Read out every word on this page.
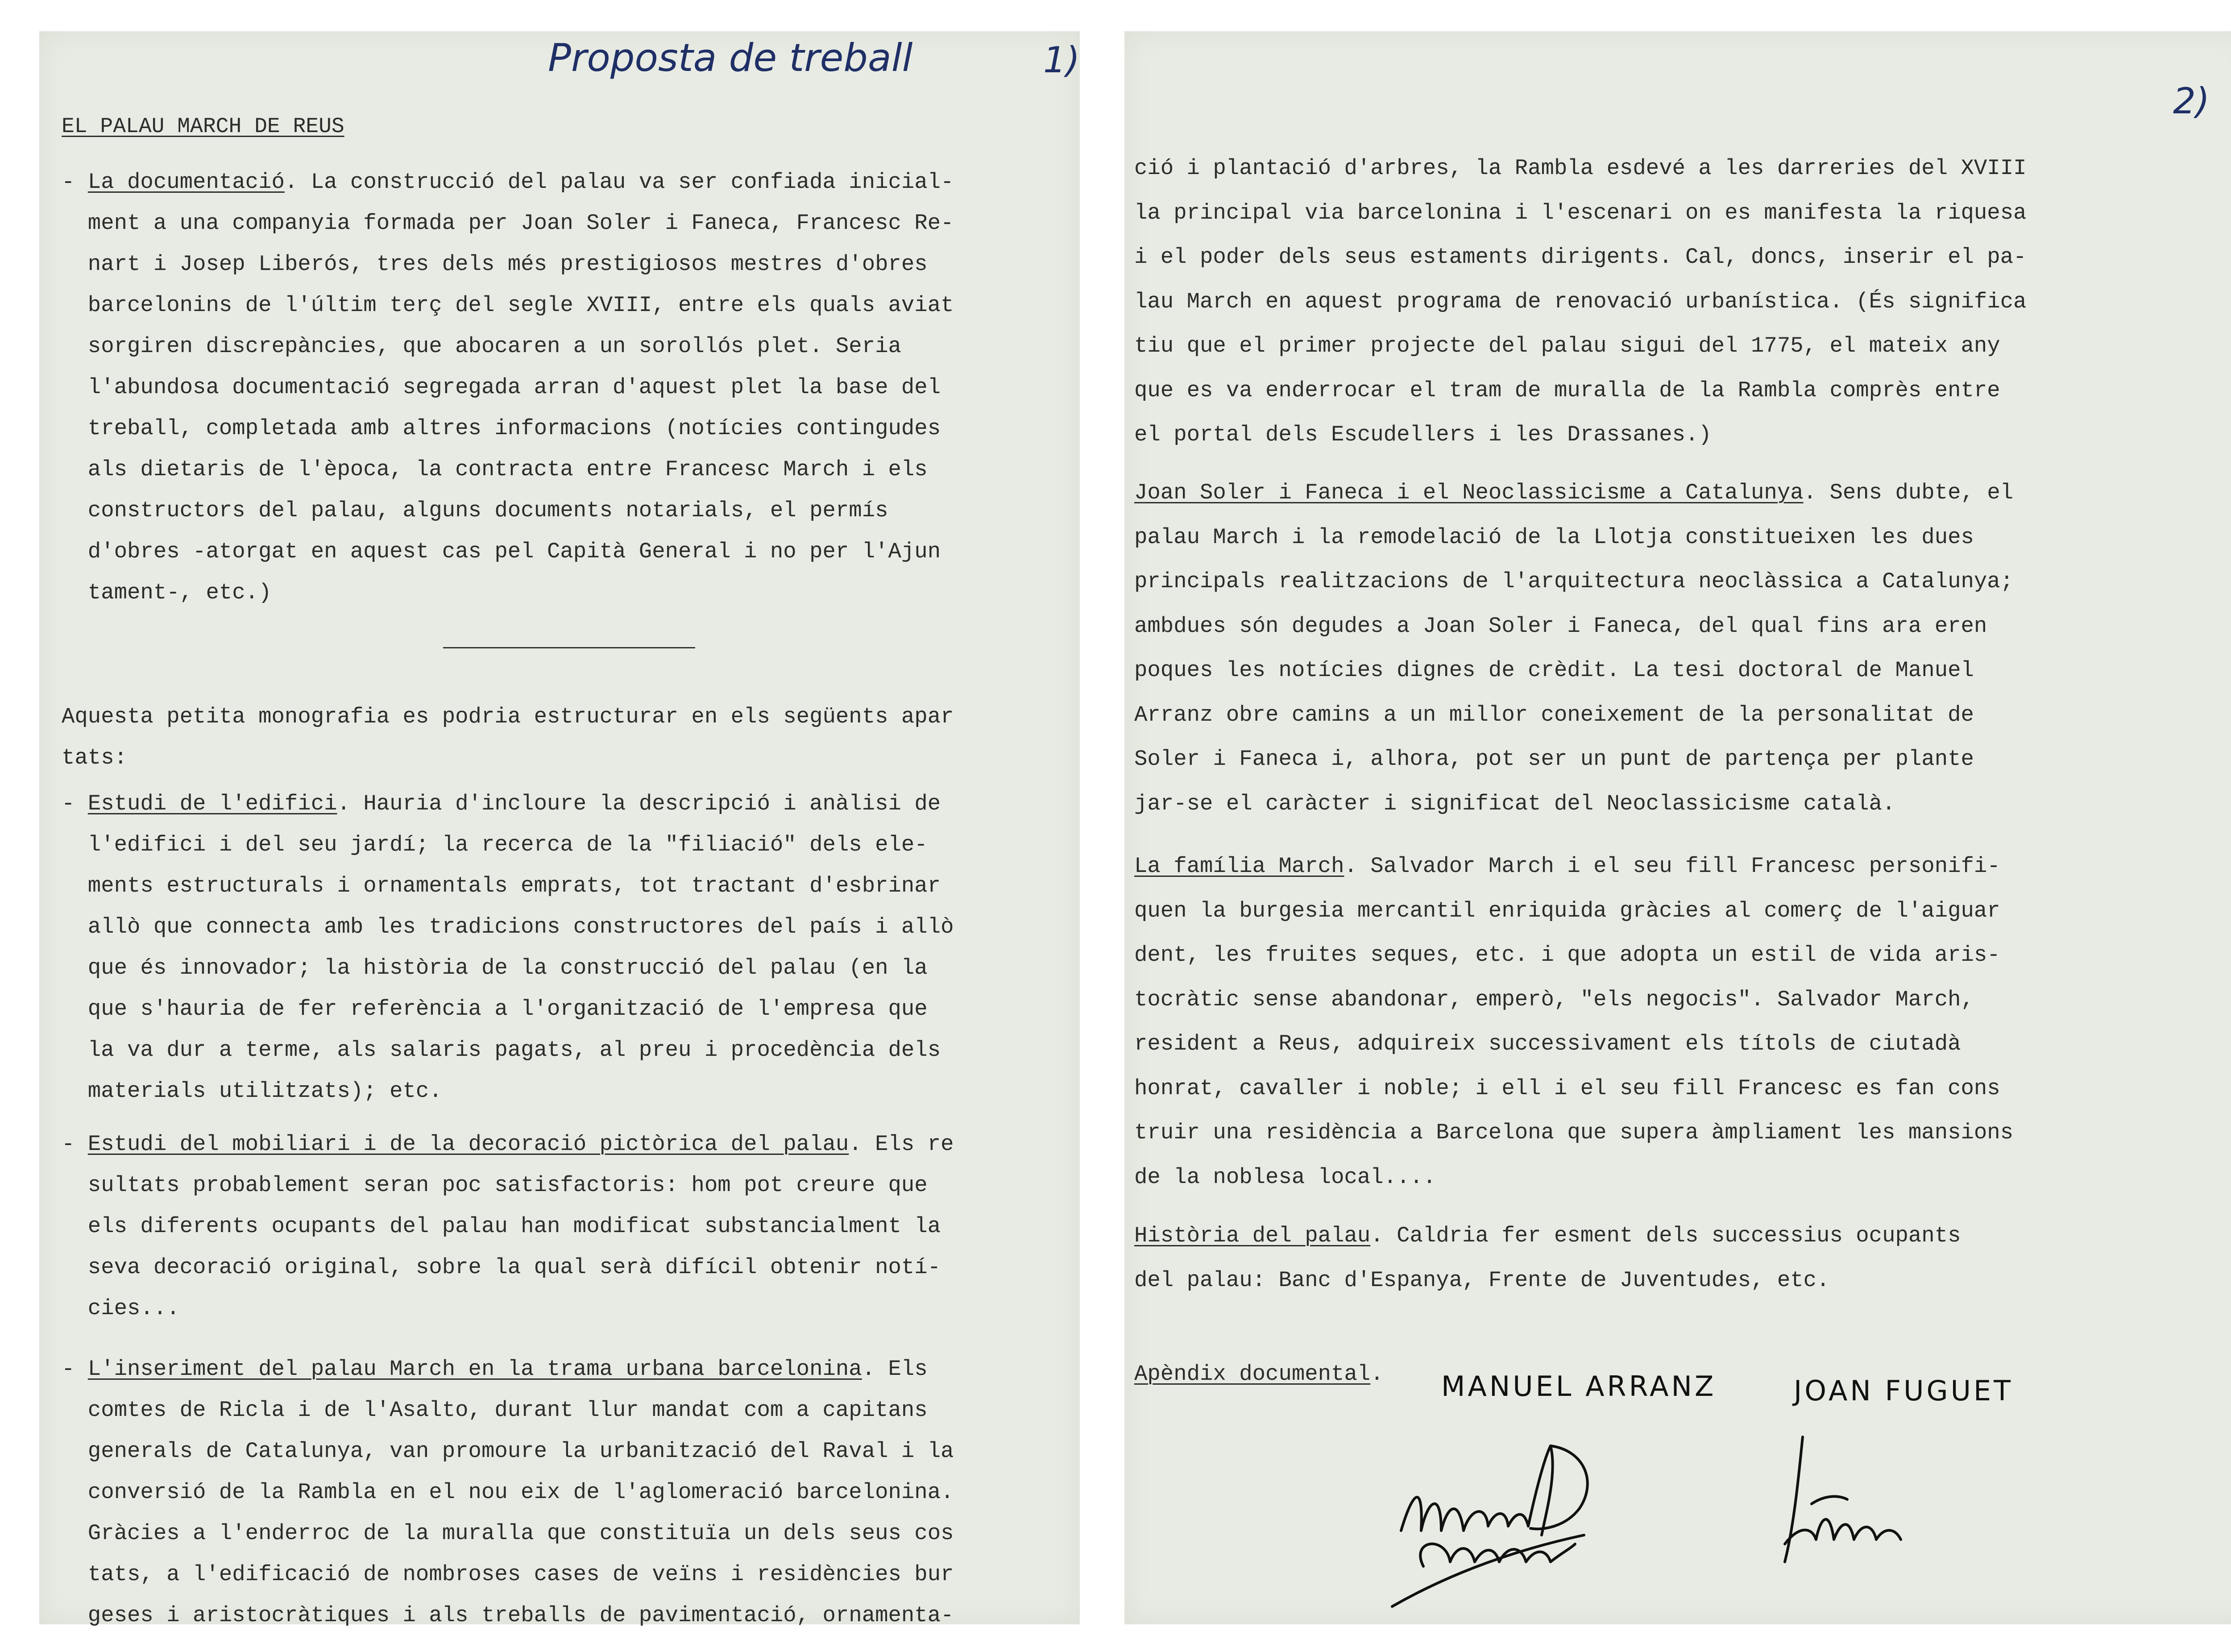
Proposta de treball	1)

EL PALAU MARCH DE REUS

- La documentació. La construcció del palau va ser confiada inicial-
ment a una companyia formada per Joan Soler i Faneca, Francesc Re-
nart i Josep Liberós, tres dels més prestigiosos mestres d'obres
barcelonins de l'últim terç del segle XVIII, entre els quals aviat
sorgiren discrepàncies, que abocaren a un sorollós plet. Seria
l'abundosa documentació segregada arran d'aquest plet la base del
treball, completada amb altres informacions (notícies contingudes
als dietaris de l'època, la contracta entre Francesc March i els
constructors del palau, alguns documents notarials, el permís
d'obres -atorgat en aquest cas pel Capità General i no per l'Ajun
tament-, etc.)

Aquesta petita monografia es podria estructurar en els següents apar
tats:

- Estudi de l'edifici. Hauria d'incloure la descripció i anàlisi de
l'edifici i del seu jardí; la recerca de la "filiació" dels ele-
ments estructurals i ornamentals emprats, tot tractant d'esbrinar
allò que connecta amb les tradicions constructores del país i allò
que és innovador; la història de la construcció del palau (en la
que s'hauria de fer referència a l'organització de l'empresa que
la va dur a terme, als salaris pagats, al preu i procedència dels
materials utilitzats); etc.

- Estudi del mobiliari i de la decoració pictòrica del palau. Els re
sultats probablement seran poc satisfactoris: hom pot creure que
els diferents ocupants del palau han modificat substancialment la
seva decoració original, sobre la qual serà difícil obtenir notí-
cies...

- L'inseriment del palau March en la trama urbana barcelonina. Els
comtes de Ricla i de l'Asalto, durant llur mandat com a capitans
generals de Catalunya, van promoure la urbanització del Raval i la
conversió de la Rambla en el nou eix de l'aglomeració barcelonina.
Gràcies a l'enderroc de la muralla que constituïa un dels seus cos
tats, a l'edificació de nombroses cases de veïns i residències bur
geses i aristocràtiques i als treballs de pavimentació, ornamenta-

2)

ció i plantació d'arbres, la Rambla esdevé a les darreries del XVIII
la principal via barcelonina i l'escenari on es manifesta la riquesa
i el poder dels seus estaments dirigents. Cal, doncs, inserir el pa-
lau March en aquest programa de renovació urbanística. (És significa
tiu que el primer projecte del palau sigui del 1775, el mateix any
que es va enderrocar el tram de muralla de la Rambla comprès entre
el portal dels Escudellers i les Drassanes.)

Joan Soler i Faneca i el Neoclassicisme a Catalunya. Sens dubte, el
palau March i la remodelació de la Llotja constitueixen les dues
principals realitzacions de l'arquitectura neoclàssica a Catalunya;
ambdues són degudes a Joan Soler i Faneca, del qual fins ara eren
poques les notícies dignes de crèdit. La tesi doctoral de Manuel
Arranz obre camins a un millor coneixement de la personalitat de
Soler i Faneca i, alhora, pot ser un punt de partença per plante
jar-se el caràcter i significat del Neoclassicisme català.

La família March. Salvador March i el seu fill Francesc personifi-
quen la burgesia mercantil enriquida gràcies al comerç de l'aiguar
dent, les fruites seques, etc. i que adopta un estil de vida aris-
tocràtic sense abandonar, emperò, "els negocis". Salvador March,
resident a Reus, adquireix successivament els títols de ciutadà
honrat, cavaller i noble; i ell i el seu fill Francesc es fan cons
truir una residència a Barcelona que supera àmpliament les mansions
de la noblesa local....

Història del palau. Caldria fer esment dels successius ocupants
del palau: Banc d'Espanya, Frente de Juventudes, etc.

Apèndix documental. MANUEL ARRANZ	JOAN FUGUET
